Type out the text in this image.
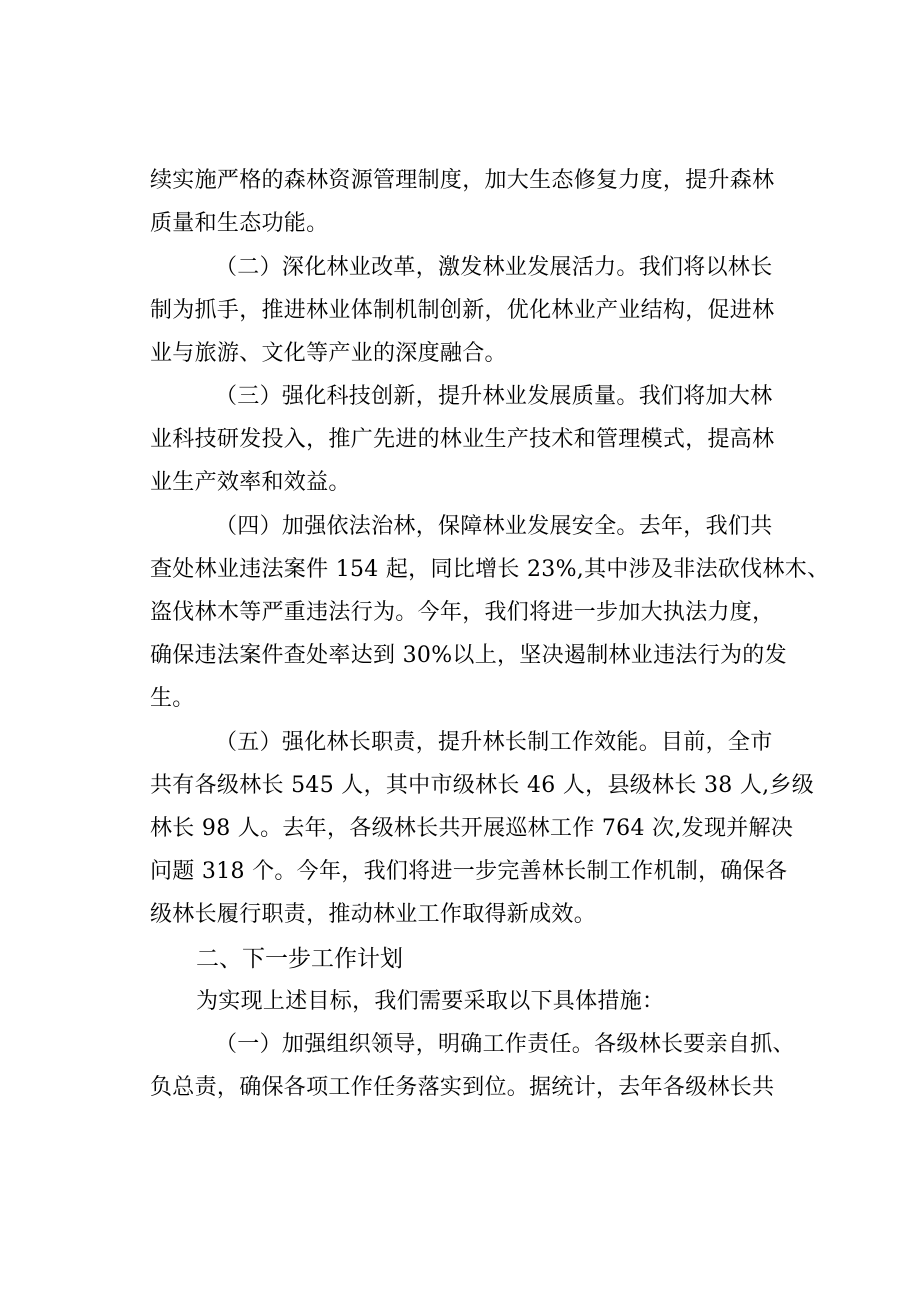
续实施严格的森林资源管理制度，加大生态修复力度，提升森林
质量和生态功能。
（二）深化林业改革，激发林业发展活力。我们将以林长
制为抓手，推进林业体制机制创新，优化林业产业结构，促进林
业与旅游、文化等产业的深度融合。
（三）强化科技创新，提升林业发展质量。我们将加大林
业科技研发投入，推广先进的林业生产技术和管理模式，提高林
业生产效率和效益。
（四）加强依法治林，保障林业发展安全。去年，我们共
查处林业违法案件 154 起，同比增长 23%,其中涉及非法砍伐林木、
盗伐林木等严重违法行为。今年，我们将进一步加大执法力度，
确保违法案件查处率达到 30%以上，坚决遏制林业违法行为的发
生。
（五）强化林长职责，提升林长制工作效能。目前，全市
共有各级林长 545 人，其中市级林长 46 人，县级林长 38 人,乡级
林长 98 人。去年，各级林长共开展巡林工作 764 次,发现并解决
问题 318 个。今年，我们将进一步完善林长制工作机制，确保各
级林长履行职责，推动林业工作取得新成效。
二、下一步工作计划
为实现上述目标，我们需要采取以下具体措施：
（一）加强组织领导，明确工作责任。各级林长要亲自抓、
负总责，确保各项工作任务落实到位。据统计，去年各级林长共
